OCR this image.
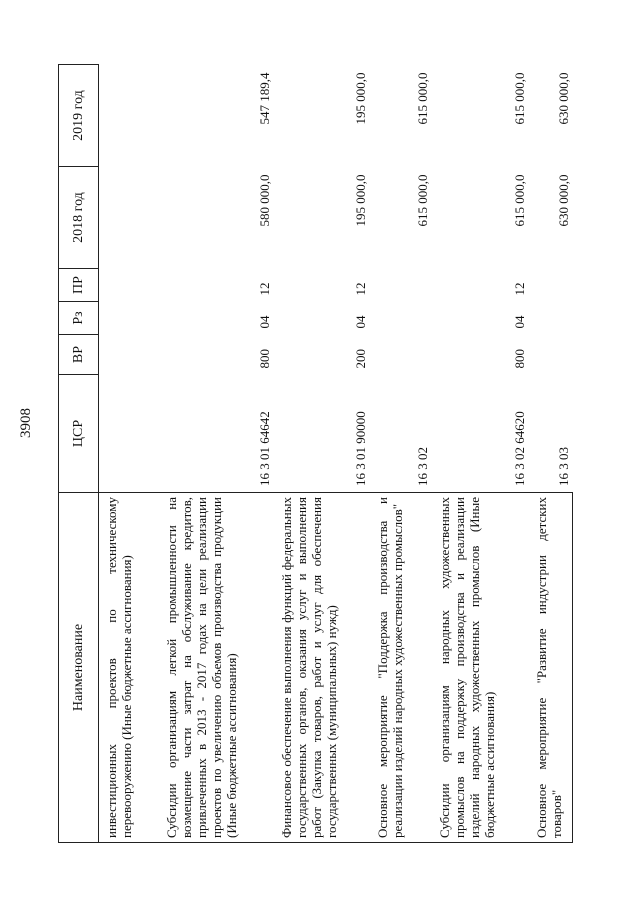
3908
Наименование	ЦСР	ВР	Рз	ПР	2018 год	2019 год
инвестиционных проектов по техническому перевооружению (Иные бюджетные ассигнования)						
Субсидии организациям легкой промышленности на возмещение части затрат на обслуживание кредитов, привлеченных в 2013 - 2017 годах на цели реализации проектов по увеличению объемов производства продукции (Иные бюджетные ассигнования)	16 3 01 64642	800	04	12	580 000,0	547 189,4
Финансовое обеспечение выполнения функций федеральных государственных органов, оказания услуг и выполнения работ (Закупка товаров, работ и услуг для обеспечения государственных (муниципальных) нужд)	16 3 01 90000	200	04	12	195 000,0	195 000,0
Основное мероприятие "Поддержка производства и реализации изделий народных художественных промыслов"	16 3 02				615 000,0	615 000,0
Субсидии организациям народных художественных промыслов на поддержку производства и реализации изделий народных художественных промыслов (Иные бюджетные ассигнования)	16 3 02 64620	800	04	12	615 000,0	615 000,0
Основное мероприятие "Развитие индустрии детских товаров"	16 3 03				630 000,0	630 000,0
